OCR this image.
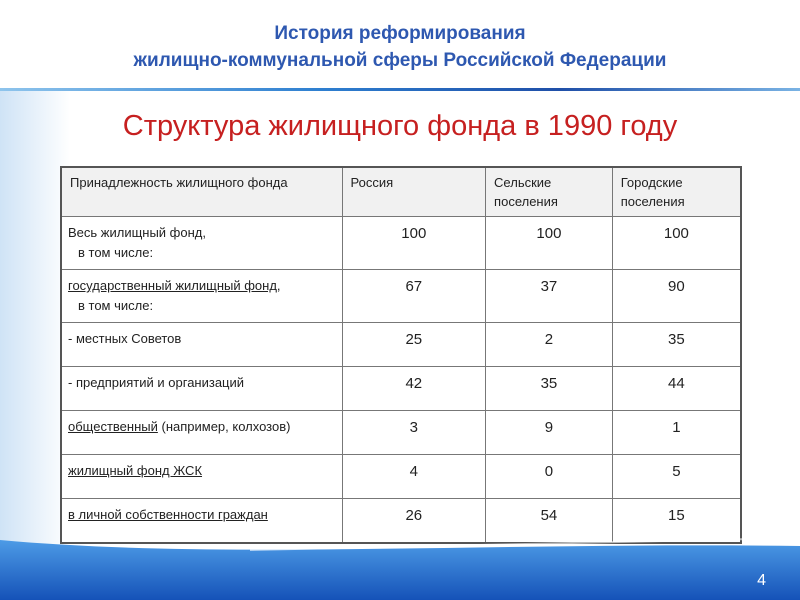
История реформирования
жилищно-коммунальной сферы Российской Федерации
Структура жилищного фонда в 1990 году
Принадлежность жилищного фонда	Россия	Сельские поселения	Городские поселения
Весь жилищный фонд,
в том числе:	100	100	100
государственный жилищный фонд,
в том числе:	67	37	90
- местных Советов	25	2	35
- предприятий и организаций	42	35	44
общественный (например, колхозов)	3	9	1
жилищный фонд ЖСК	4	0	5
в личной собственности граждан	26	54	15
4
